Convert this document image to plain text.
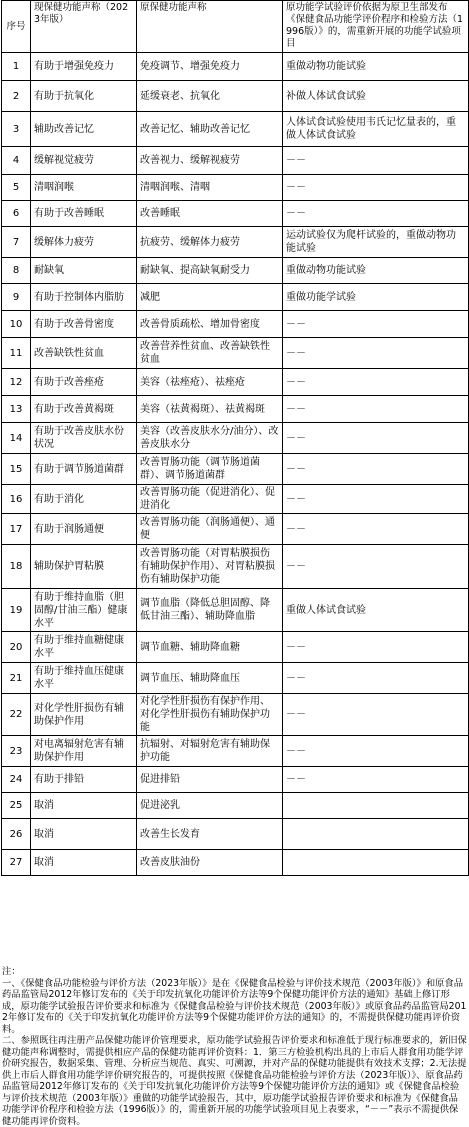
序号	现保健功能声称（2023年版）	原保健功能声称	原功能学试验评价依据为原卫生部发布《保健食品功能学评价程序和检验方法（1996版）》的，需重新开展的功能学试验项目
1	有助于增强免疫力	免疫调节、增强免疫力	重做动物功能试验
2	有助于抗氧化	延缓衰老、抗氧化	补做人体试食试验
3	辅助改善记忆	改善记忆、辅助改善记忆	人体试食试验使用韦氏记忆量表的，重做人体试食试验
4	缓解视觉疲劳	改善视力、缓解视疲劳	－－
5	清咽润喉	清咽润喉、清咽	－－
6	有助于改善睡眠	改善睡眠	－－
7	缓解体力疲劳	抗疲劳、缓解体力疲劳	运动试验仅为爬杆试验的，重做动物功能试验
8	耐缺氧	耐缺氧、提高缺氧耐受力	重做动物功能试验
9	有助于控制体内脂肪	减肥	重做功能学试验
10	有助于改善骨密度	改善骨质疏松、增加骨密度	－－
11	改善缺铁性贫血	改善营养性贫血、改善缺铁性贫血	－－
12	有助于改善痤疮	美容（祛痤疮）、祛痤疮	－－
13	有助于改善黄褐斑	美容（祛黄褐斑）、祛黄褐斑	－－
14	有助于改善皮肤水份状况	美容（改善皮肤水分/油分）、改善皮肤水分	－－
15	有助于调节肠道菌群	改善胃肠功能（调节肠道菌群）、调节肠道菌群	－－
16	有助于消化	改善胃肠功能（促进消化）、促进消化	－－
17	有助于润肠通便	改善胃肠功能（润肠通便）、通便	－－
18	辅助保护胃粘膜	改善胃肠功能（对胃粘膜损伤有辅助保护作用）、对胃粘膜损伤有辅助保护功能	－－
19	有助于维持血脂（胆固醇/甘油三酯）健康水平	调节血脂（降低总胆固醇、降低甘油三酯）、辅助降血脂	重做人体试食试验
20	有助于维持血糖健康水平	调节血糖、辅助降血糖	－－
21	有助于维持血压健康水平	调节血压、辅助降血压	－－
22	对化学性肝损伤有辅助保护作用	对化学性肝损伤有保护作用、对化学性肝损伤有辅助保护功能	－－
23	对电离辐射危害有辅助保护作用	抗辐射、对辐射危害有辅助保护功能	－－
24	有助于排铅	促进排铅	－－
25	取消	促进泌乳	
26	取消	改善生长发育	
27	取消	改善皮肤油份	

注：

一、《保健食品功能检验与评价方法（2023年版）》是在《保健食品检验与评价技术规范（2003年版）》和原食品药品监管局2012年修订发布的《关于印发抗氧化功能评价方法等9个保健功能评价方法的通知》基础上修订形成，原功能学试验报告评价要求和标准为《保健食品检验与评价技术规范（2003年版）》或原食品药品监管局2012年修订发布的《关于印发抗氧化功能评价方法等9个保健功能评价方法的通知》的，不需提供保健功能再评价资料。

二、参照既往再注册产品保健功能评价管理要求，原功能学试验报告评价要求和标准低于现行标准要求的，新旧保健功能声称调整时，需提供相应产品的保健功能再评价资料：1．第三方检验机构出具的上市后人群食用功能学评价研究报告，数据采集、管理、分析应当规范、真实、可溯源，并对产品的保健功能提供有效技术支撑；2.无法提供上市后人群食用功能学评价研究报告的，可提供按照《保健食品功能检验与评价方法（2023年版）》、原食品药品监管局2012年修订发布的《关于印发抗氧化功能评价方法等9个保健功能评价方法的通知》或《保健食品检验与评价技术规范（2003年版）》重做的功能学试验报告，其中，原功能学试验报告评价要求和标准为《保健食品功能学评价程序和检验方法（1996版）》的，需重新开展的功能学试验项目见上表要求，“－－”表示不需提供保健功能再评价资料。
